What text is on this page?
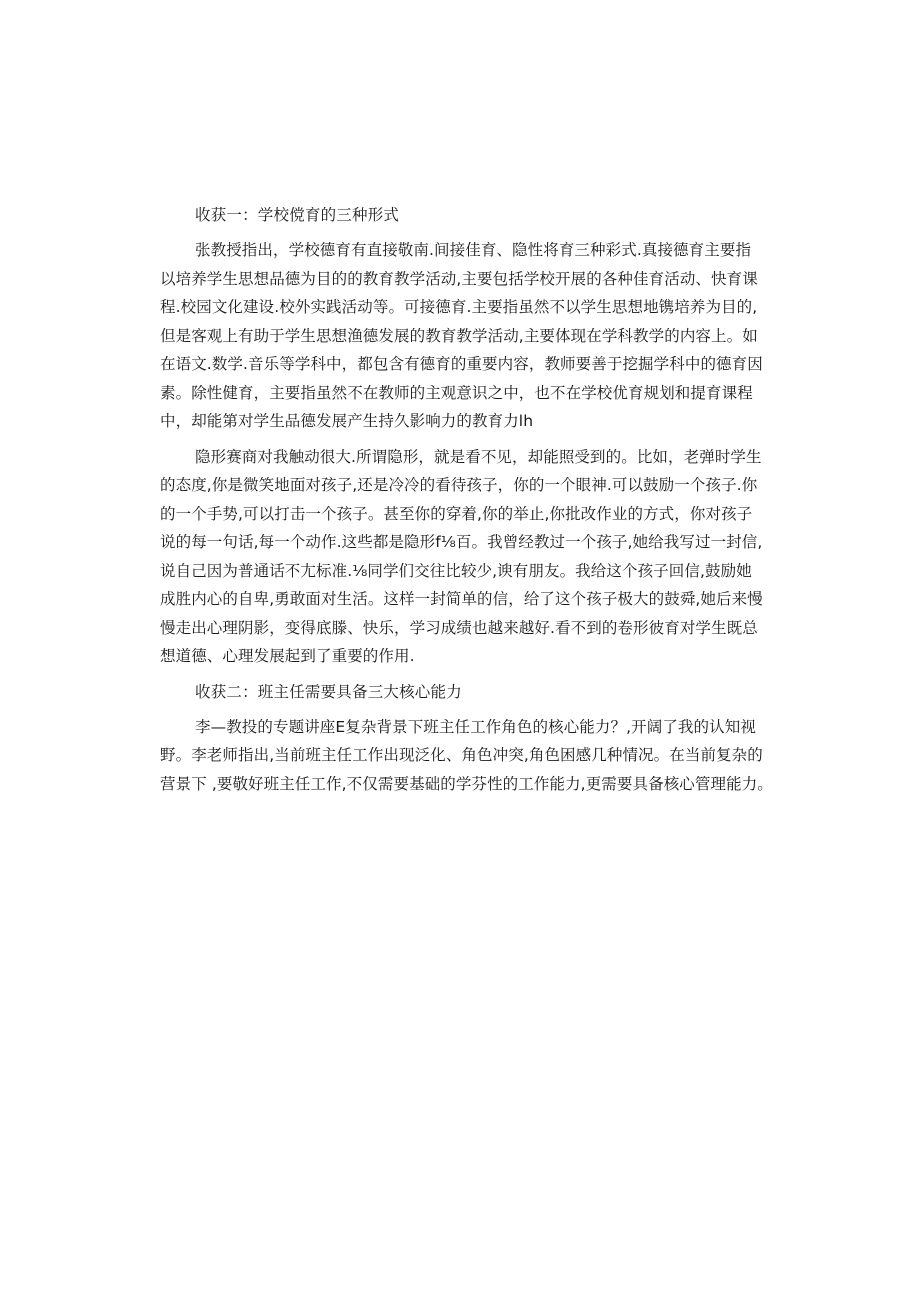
收获一：学校傥育的三种形式
张教授指出，学校德育有直接敬南.间接佳育、隐性将育三种彩式.真接德育主要指
以培养学生思想品德为目的的教育教学活动,主要包括学校开展的各种佳育活动、快育课
程.校园文化建设.校外实践活动等。可接德育.主要指虽然不以学生思想地镌培养为目的,
但是客观上有助于学生思想渔德发展的教育教学活动,主要体现在学科教学的内容上。如
在语文.数学.音乐等学科中，都包含有德育的重要内容，教师要善于挖掘学科中的德育因
素。除性健育，主要指虽然不在教师的主观意识之中，也不在学校优育规划和提育课程
中，却能第对学生品德发展产生持久影响力的教育力lh
隐形赛商对我触动很大.所谓隐形，就是看不见，却能照受到的。比如，老弹时学生
的态度,你是微笑地面对孩子,还是冷冷的看待孩子，你的一个眼神.可以鼓励一个孩子.你
的一个手势,可以打击一个孩子。甚至你的穿着,你的举止,你批改作业的方式，你对孩子
说的每一句话,每一个动作.这些都是隐形f⅛百。我曾经教过一个孩子,她给我写过一封信,
说自己因为普通话不尢标准.⅛同学们交往比较少,谀有朋友。我给这个孩子回信,鼓励她
成胜内心的自卑,勇敢面对生活。这样一封简单的信，给了这个孩子极大的鼓舜,她后来慢
慢走出心理阴影，变得底滕、快乐，学习成绩也越来越好.看不到的卷形彼育对学生既总
想道德、心理发展起到了重要的作用.
收获二：班主任需要具备三大核心能力
李—教投的专题讲座E复杂背景下班主任工作角色的核心能力？,开阔了我的认知视
野。李老师指出,当前班主任工作出现泛化、角色冲突,角色困感几种情况。在当前复杂的
营景下 ,要敬好班主任工作,不仅需要基础的学芬性的工作能力,更需要具备核心管理能力。
